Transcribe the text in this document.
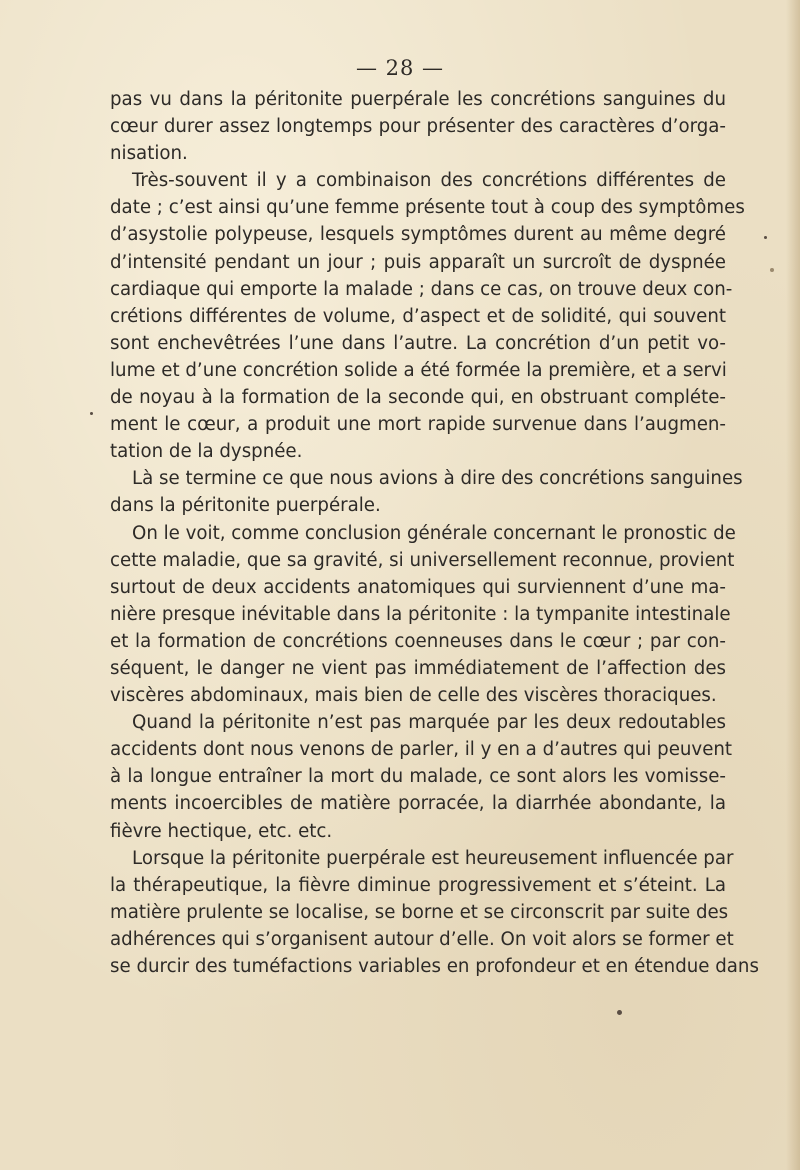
— 28 —
pas vu dans la péritonite puerpérale les concrétions sanguines du
cœur durer assez longtemps pour présenter des caractères d’orga-
nisation.
Très-souvent il y a combinaison des concrétions différentes de
date ; c’est ainsi qu’une femme présente tout à coup des symptômes
d’asystolie polypeuse, lesquels symptômes durent au même degré
d’intensité pendant un jour ; puis apparaît un surcroît de dyspnée
cardiaque qui emporte la malade ; dans ce cas, on trouve deux con-
crétions différentes de volume, d’aspect et de solidité, qui souvent
sont enchevêtrées l’une dans l’autre. La concrétion d’un petit vo-
lume et d’une concrétion solide a été formée la première, et a servi
de noyau à la formation de la seconde qui, en obstruant compléte-
ment le cœur, a produit une mort rapide survenue dans l’augmen-
tation de la dyspnée.
Là se termine ce que nous avions à dire des concrétions sanguines
dans la péritonite puerpérale.
On le voit, comme conclusion générale concernant le pronostic de
cette maladie, que sa gravité, si universellement reconnue, provient
surtout de deux accidents anatomiques qui surviennent d’une ma-
nière presque inévitable dans la péritonite : la tympanite intestinale
et la formation de concrétions coenneuses dans le cœur ; par con-
séquent, le danger ne vient pas immédiatement de l’affection des
viscères abdominaux, mais bien de celle des viscères thoraciques.
Quand la péritonite n’est pas marquée par les deux redoutables
accidents dont nous venons de parler, il y en a d’autres qui peuvent
à la longue entraîner la mort du malade, ce sont alors les vomisse-
ments incoercibles de matière porracée, la diarrhée abondante, la
fièvre hectique, etc. etc.
Lorsque la péritonite puerpérale est heureusement influencée par
la thérapeutique, la fièvre diminue progressivement et s’éteint. La
matière prulente se localise, se borne et se circonscrit par suite des
adhérences qui s’organisent autour d’elle. On voit alors se former et
se durcir des tuméfactions variables en profondeur et en étendue dans
